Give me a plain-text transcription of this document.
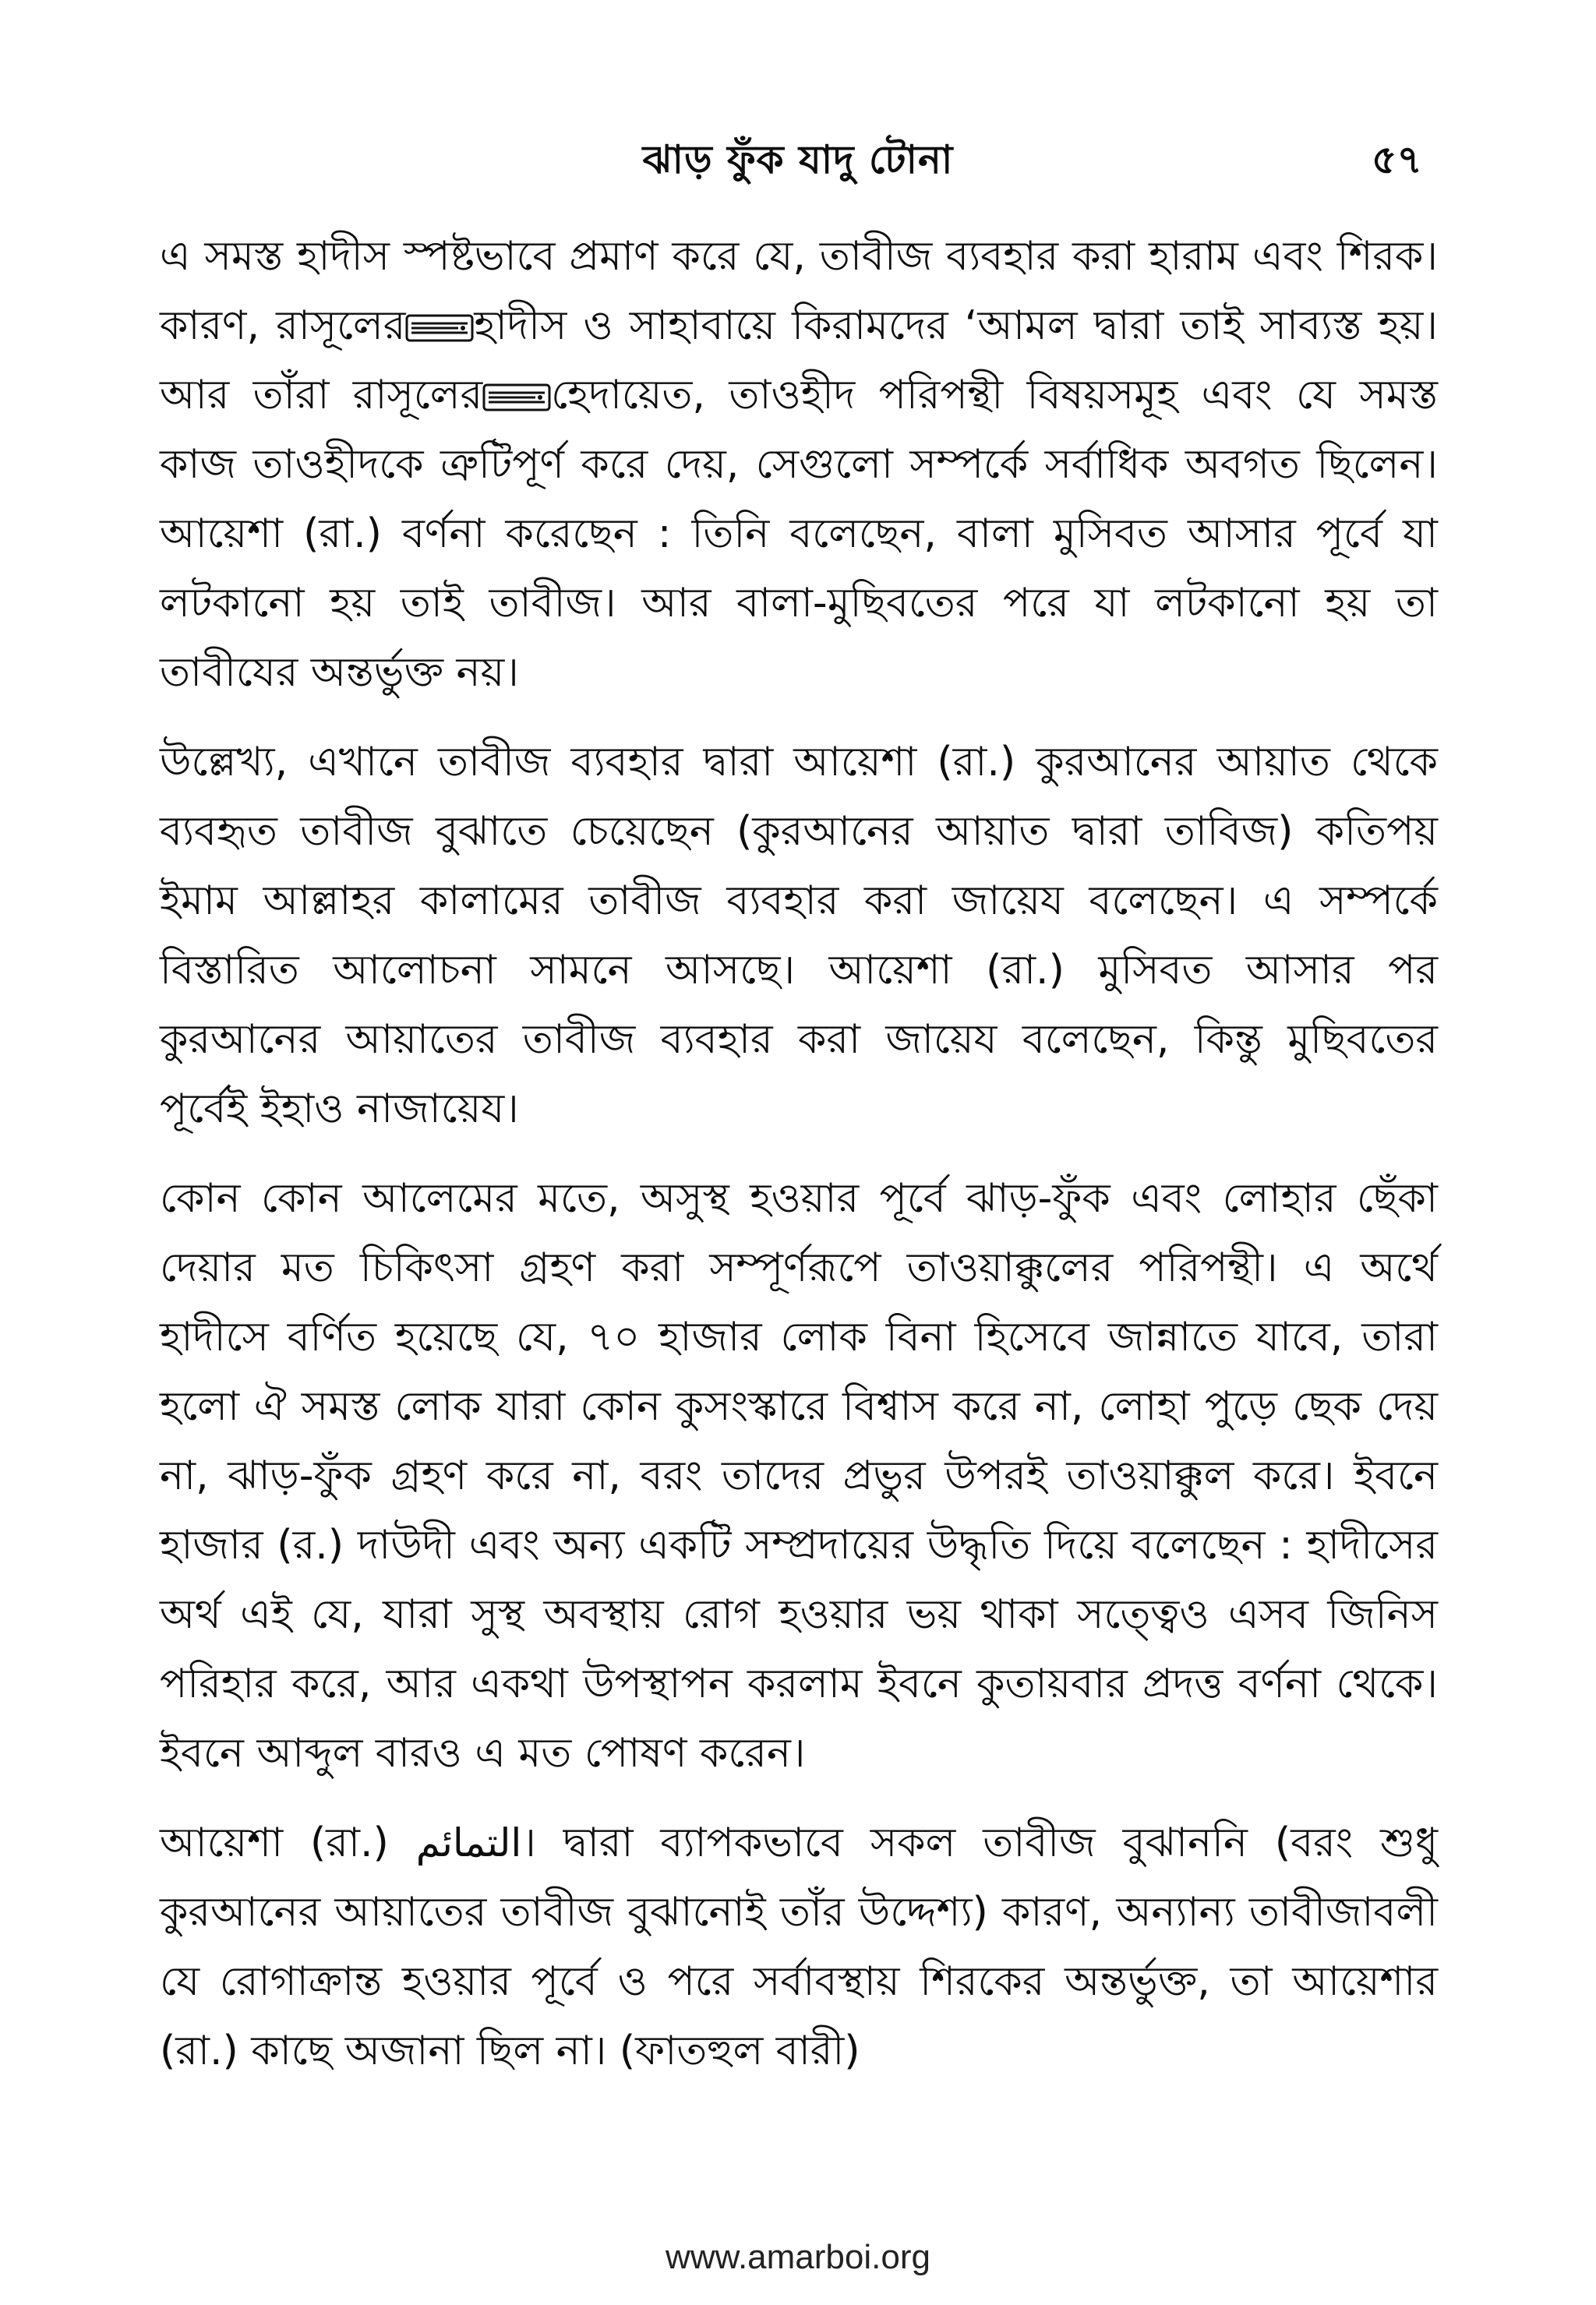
ঝাড় ফুঁক যাদু টোনা	৫৭

এ সমস্ত হাদীস স্পষ্টভাবে প্রমাণ করে যে, তাবীজ ব্যবহার করা হারাম এবং শিরক। কারণ, রাসূলের হাদীস ও সাহাবায়ে কিরামদের ‘আমল দ্বারা তাই সাব্যস্ত হয়। আর তাঁরা রাসূলের হেদায়েত, তাওহীদ পরিপন্থী বিষয়সমূহ এবং যে সমস্ত কাজ তাওহীদকে ত্রুটিপূর্ণ করে দেয়, সেগুলো সম্পর্কে সর্বাধিক অবগত ছিলেন। আয়েশা (রা.) বর্ণনা করেছেন : তিনি বলেছেন, বালা মুসিবত আসার পূর্বে যা লটকানো হয় তাই তাবীজ। আর বালা-মুছিবতের পরে যা লটকানো হয় তা তাবীযের অন্তর্ভুক্ত নয়।

উল্লেখ্য, এখানে তাবীজ ব্যবহার দ্বারা আয়েশা (রা.) কুরআনের আয়াত থেকে ব্যবহৃত তাবীজ বুঝাতে চেয়েছেন (কুরআনের আয়াত দ্বারা তাবিজ) কতিপয় ইমাম আল্লাহর কালামের তাবীজ ব্যবহার করা জায়েয বলেছেন। এ সম্পর্কে বিস্তারিত আলোচনা সামনে আসছে। আয়েশা (রা.) মুসিবত আসার পর কুরআনের আয়াতের তাবীজ ব্যবহার করা জায়েয বলেছেন, কিন্তু মুছিবতের পূর্বেই ইহাও নাজায়েয।

কোন কোন আলেমের মতে, অসুস্থ হওয়ার পূর্বে ঝাড়-ফুঁক এবং লোহার ছেঁকা দেয়ার মত চিকিৎসা গ্রহণ করা সম্পূর্ণরূপে তাওয়াক্কুলের পরিপন্থী। এ অর্থে হাদীসে বর্ণিত হয়েছে যে, ৭০ হাজার লোক বিনা হিসেবে জান্নাতে যাবে, তারা হলো ঐ সমস্ত লোক যারা কোন কুসংস্কারে বিশ্বাস করে না, লোহা পুড়ে ছেক দেয় না, ঝাড়-ফুঁক গ্রহণ করে না, বরং তাদের প্রভুর উপরই তাওয়াক্কুল করে। ইবনে হাজার (র.) দাউদী এবং অন্য একটি সম্প্রদায়ের উদ্ধৃতি দিয়ে বলেছেন : হাদীসের অর্থ এই যে, যারা সুস্থ অবস্থায় রোগ হওয়ার ভয় থাকা সত্ত্বেও এসব জিনিস পরিহার করে, আর একথা উপস্থাপন করলাম ইবনে কুতায়বার প্রদত্ত বর্ণনা থেকে। ইবনে আব্দুল বারও এ মত পোষণ করেন।

আয়েশা (রা.) التمائم। দ্বারা ব্যাপকভাবে সকল তাবীজ বুঝাননি (বরং শুধু কুরআনের আয়াতের তাবীজ বুঝানোই তাঁর উদ্দেশ্য) কারণ, অন্যান্য তাবীজাবলী যে রোগাক্রান্ত হওয়ার পূর্বে ও পরে সর্বাবস্থায় শিরকের অন্তর্ভুক্ত, তা আয়েশার (রা.) কাছে অজানা ছিল না। (ফাতহুল বারী)

www.amarboi.org
